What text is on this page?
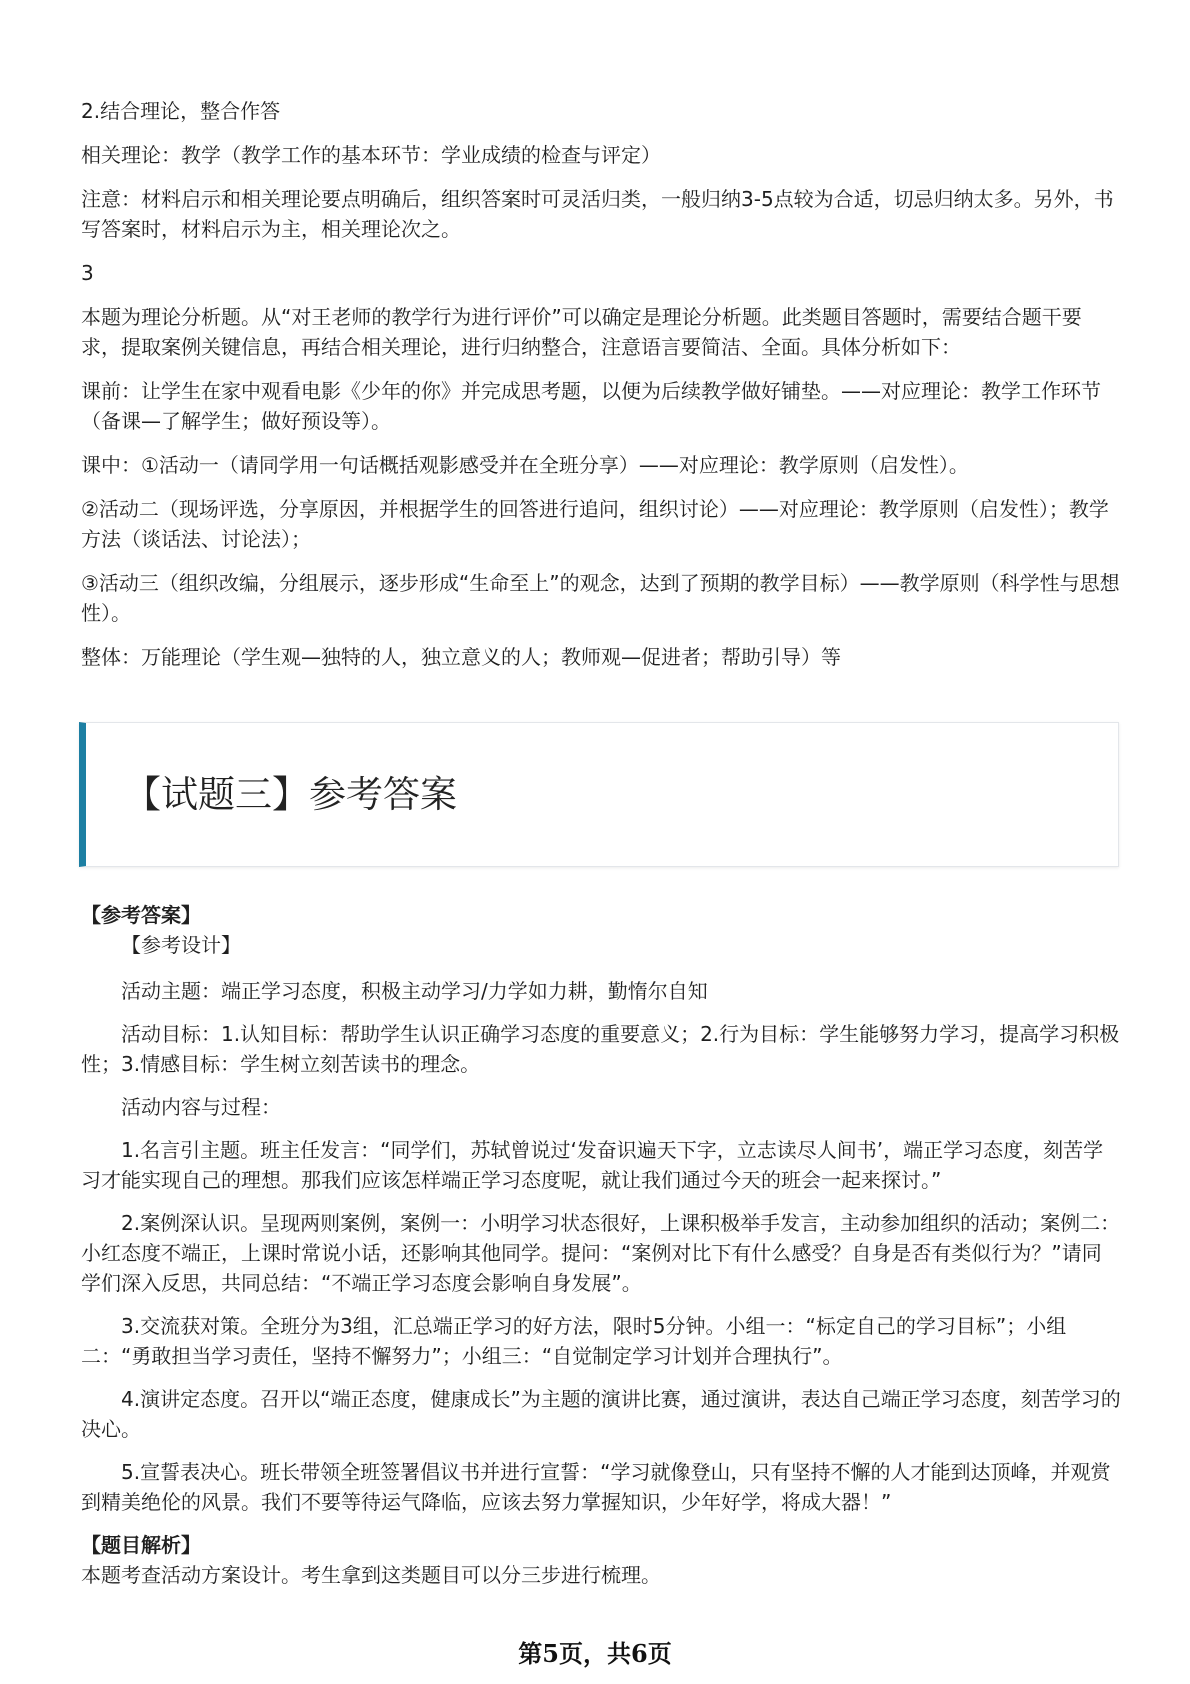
2.结合理论，整合作答

相关理论：教学（教学工作的基本环节：学业成绩的检查与评定）

注意：材料启示和相关理论要点明确后，组织答案时可灵活归类，一般归纳3-5点较为合适，切忌归纳太多。另外，书写答案时，材料启示为主，相关理论次之。

3

本题为理论分析题。从“对王老师的教学行为进行评价”可以确定是理论分析题。此类题目答题时，需要结合题干要求，提取案例关键信息，再结合相关理论，进行归纳整合，注意语言要简洁、全面。具体分析如下：

课前：让学生在家中观看电影《少年的你》并完成思考题，以便为后续教学做好铺垫。——对应理论：教学工作环节（备课—了解学生；做好预设等）。

课中：①活动一（请同学用一句话概括观影感受并在全班分享）——对应理论：教学原则（启发性）。

②活动二（现场评选，分享原因，并根据学生的回答进行追问，组织讨论）——对应理论：教学原则（启发性）；教学方法（谈话法、讨论法）；

③活动三（组织改编，分组展示，逐步形成“生命至上”的观念，达到了预期的教学目标）——教学原则（科学性与思想性）。

整体：万能理论（学生观—独特的人，独立意义的人；教师观—促进者；帮助引导）等

【试题三】参考答案

【参考答案】

【参考设计】

活动主题：端正学习态度，积极主动学习/力学如力耕，勤惰尔自知

活动目标：1.认知目标：帮助学生认识正确学习态度的重要意义；2.行为目标：学生能够努力学习，提高学习积极性；3.情感目标：学生树立刻苦读书的理念。

活动内容与过程：

1.名言引主题。班主任发言：“同学们，苏轼曾说过‘发奋识遍天下字，立志读尽人间书’，端正学习态度，刻苦学习才能实现自己的理想。那我们应该怎样端正学习态度呢，就让我们通过今天的班会一起来探讨。”

2.案例深认识。呈现两则案例，案例一：小明学习状态很好，上课积极举手发言，主动参加组织的活动；案例二：小红态度不端正，上课时常说小话，还影响其他同学。提问：“案例对比下有什么感受？自身是否有类似行为？”请同学们深入反思，共同总结：“不端正学习态度会影响自身发展”。

3.交流获对策。全班分为3组，汇总端正学习的好方法，限时5分钟。小组一：“标定自己的学习目标”；小组二：“勇敢担当学习责任，坚持不懈努力”；小组三：“自觉制定学习计划并合理执行”。

4.演讲定态度。召开以“端正态度，健康成长”为主题的演讲比赛，通过演讲，表达自己端正学习态度，刻苦学习的决心。

5.宣誓表决心。班长带领全班签署倡议书并进行宣誓：“学习就像登山，只有坚持不懈的人才能到达顶峰，并观赏到精美绝伦的风景。我们不要等待运气降临，应该去努力掌握知识，少年好学，将成大器！”

【题目解析】

本题考查活动方案设计。考生拿到这类题目可以分三步进行梳理。

第5页，共6页
